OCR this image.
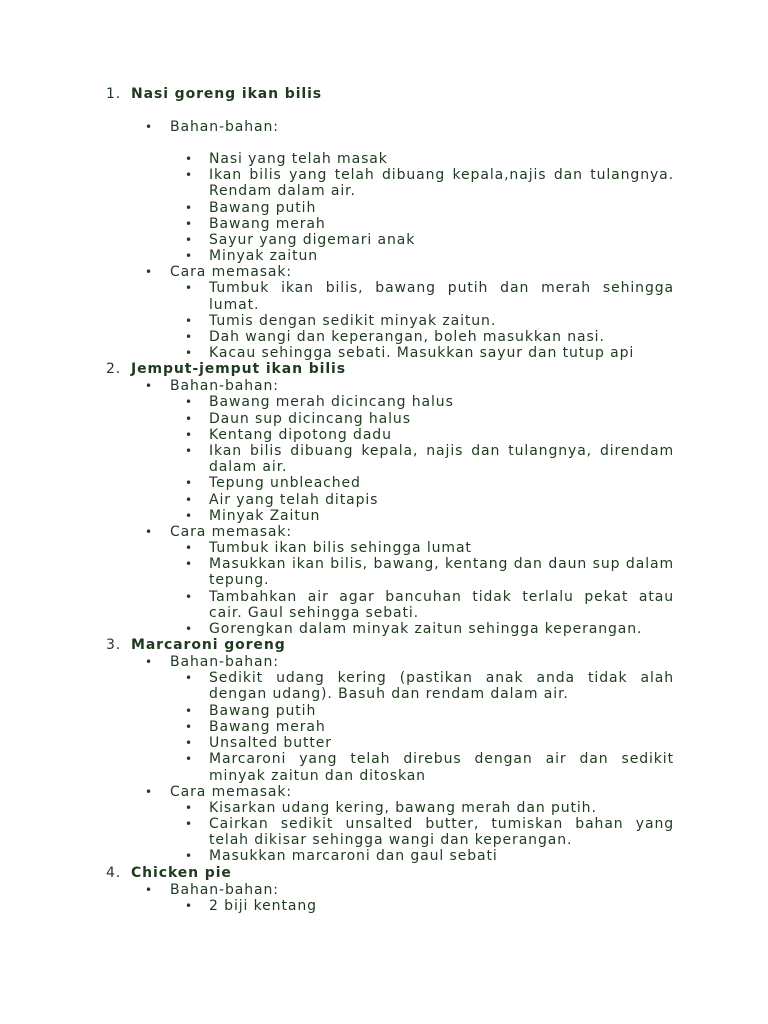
1. Nasi goreng ikan bilis
• Bahan-bahan:
• Nasi yang telah masak
• Ikan bilis yang telah dibuang kepala,najis dan tulangnya. Rendam dalam air.
• Bawang putih
• Bawang merah
• Sayur yang digemari anak
• Minyak zaitun
• Cara memasak:
• Tumbuk ikan bilis, bawang putih dan merah sehingga lumat.
• Tumis dengan sedikit minyak zaitun.
• Dah wangi dan keperangan, boleh masukkan nasi.
• Kacau sehingga sebati. Masukkan sayur dan tutup api
2. Jemput-jemput ikan bilis
• Bahan-bahan:
• Bawang merah dicincang halus
• Daun sup dicincang halus
• Kentang dipotong dadu
• Ikan bilis dibuang kepala, najis dan tulangnya, direndam dalam air.
• Tepung unbleached
• Air yang telah ditapis
• Minyak Zaitun
• Cara memasak:
• Tumbuk ikan bilis sehingga lumat
• Masukkan ikan bilis, bawang, kentang dan daun sup dalam tepung.
• Tambahkan air agar bancuhan tidak terlalu pekat atau cair. Gaul sehingga sebati.
• Gorengkan dalam minyak zaitun sehingga keperangan.
3. Marcaroni goreng
• Bahan-bahan:
• Sedikit udang kering (pastikan anak anda tidak alah dengan udang). Basuh dan rendam dalam air.
• Bawang putih
• Bawang merah
• Unsalted butter
• Marcaroni yang telah direbus dengan air dan sedikit minyak zaitun dan ditoskan
• Cara memasak:
• Kisarkan udang kering, bawang merah dan putih.
• Cairkan sedikit unsalted butter, tumiskan bahan yang telah dikisar sehingga wangi dan keperangan.
• Masukkan marcaroni dan gaul sebati
4. Chicken pie
• Bahan-bahan:
• 2 biji kentang
